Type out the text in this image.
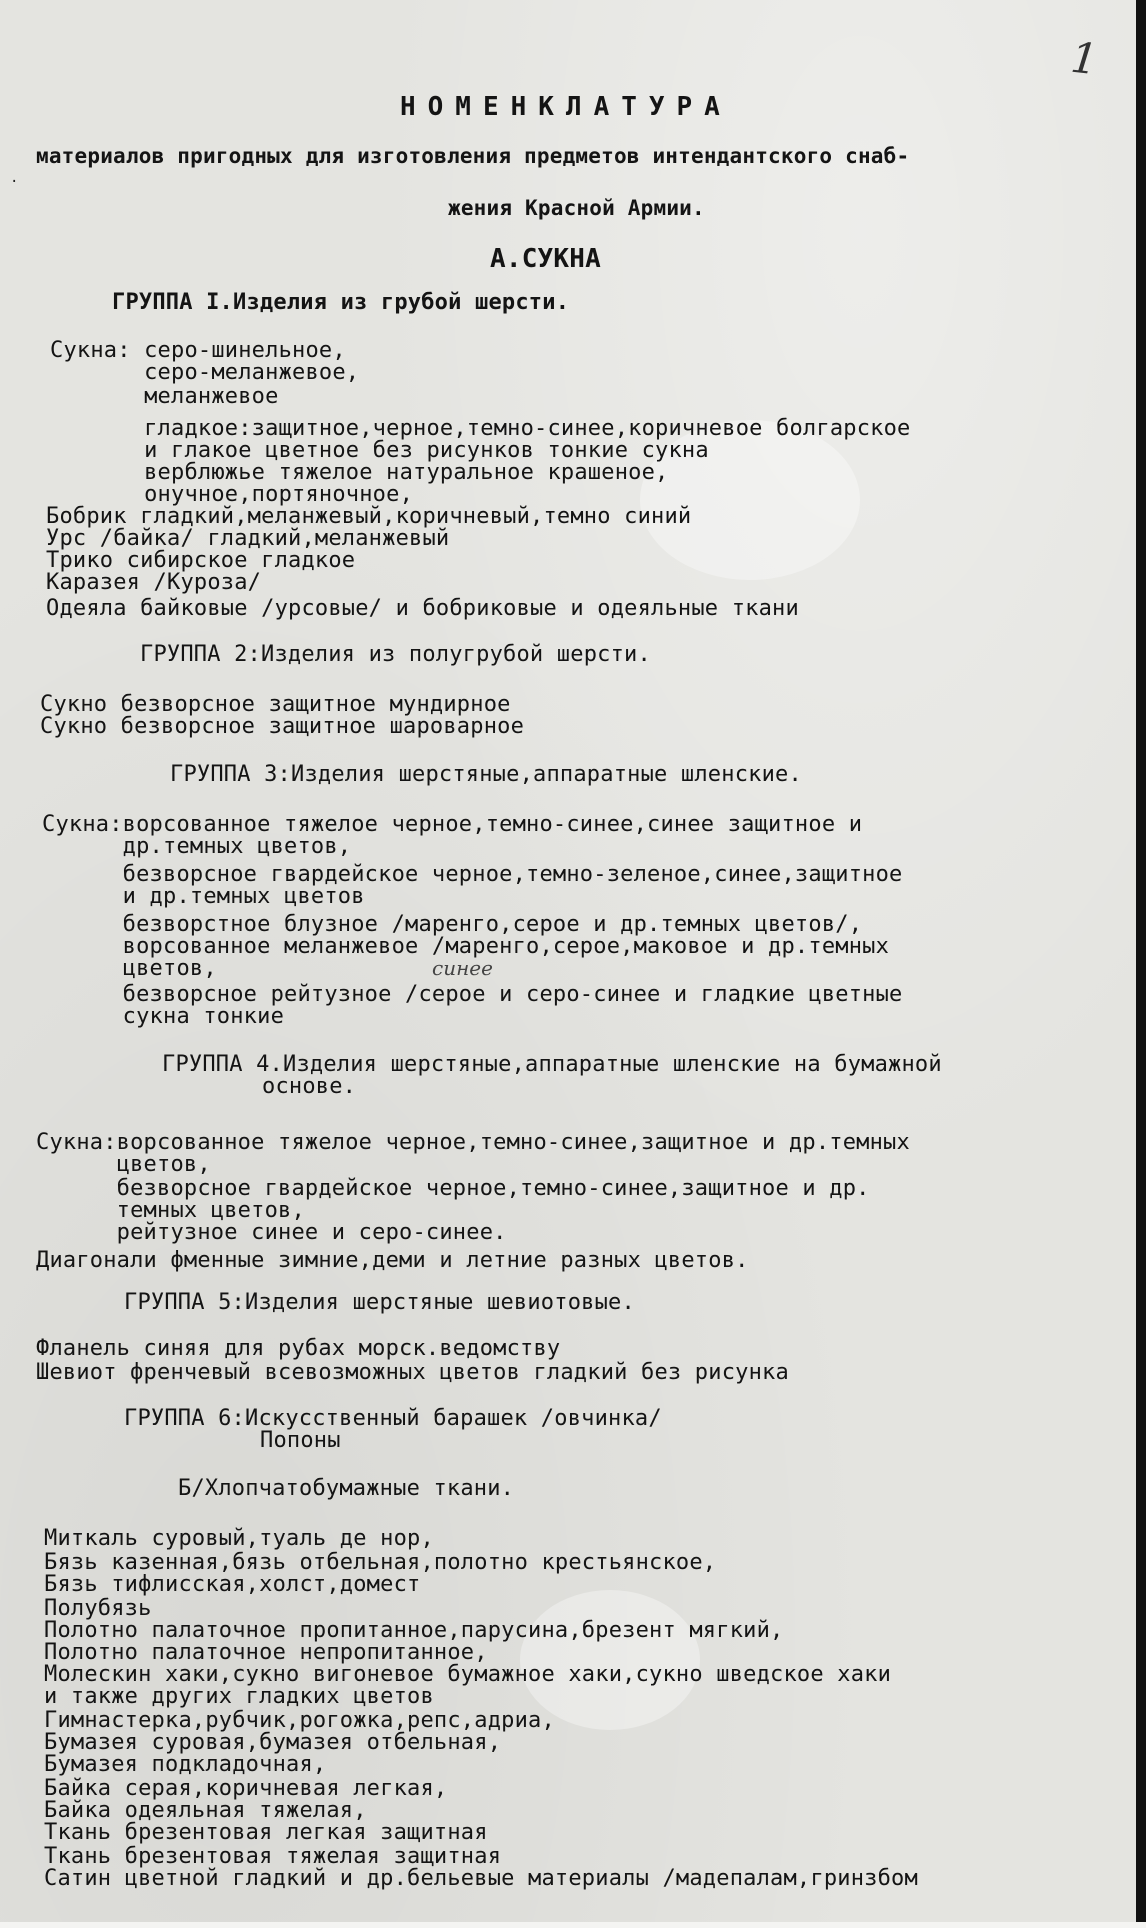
1
·
НОМЕНКЛАТУРА
материалов пригодных для изготовления предметов интендантского снаб-
жения Красной Армии.
А.СУКНА
ГРУППА I.Изделия из грубой шерсти.
Сукна: серо-шинельное,
серо-меланжевое,
меланжевое
гладкое:защитное,черное,темно-синее,коричневое болгарское
и глакое цветное без рисунков тонкие сукна
верблюжье тяжелое натуральное крашеное,
онучное,портяночное,
Бобрик гладкий,меланжевый,коричневый,темно синий
Урс /байка/ гладкий,меланжевый
Трико сибирское гладкое
Каразея /Куроза/
Одеяла байковые /урсовые/ и бобриковые и одеяльные ткани
ГРУППА 2:Изделия из полугрубой шерсти.
Сукно безворсное защитное мундирное
Сукно безворсное защитное шароварное
ГРУППА 3:Изделия шерстяные,аппаратные шленские.
Сукна:ворсованное тяжелое черное,темно-синее,синее защитное и
др.темных цветов,
безворсное гвардейское черное,темно-зеленое,синее,защитное
и др.темных цветов
безворстное блузное /маренго,серое и др.темных цветов/,
ворсованное меланжевое /маренго,серое,маковое и др.темных
цветов,	синее
безворсное рейтузное /серое и серо-синее и гладкие цветные
сукна тонкие
ГРУППА 4.Изделия шерстяные,аппаратные шленские на бумажной
основе.
Сукна:ворсованное тяжелое черное,темно-синее,защитное и др.темных
цветов,
безворсное гвардейское черное,темно-синее,защитное и др.
темных цветов,
рейтузное синее и серо-синее.
Диагонали фменные зимние,деми и летние разных цветов.
ГРУППА 5:Изделия шерстяные шевиотовые.
Фланель синяя для рубах морск.ведомству
Шевиот френчевый всевозможных цветов гладкий без рисунка
ГРУППА 6:Искусственный барашек /овчинка/
Попоны
Б/Хлопчатобумажные ткани.
Миткаль суровый,туаль де нор,
Бязь казенная,бязь отбельная,полотно крестьянское,
Бязь тифлисская,холст,домест
Полубязь
Полотно палаточное пропитанное,парусина,брезент мягкий,
Полотно палаточное непропитанное,
Молескин хаки,сукно вигоневое бумажное хаки,сукно шведское хаки
и также других гладких цветов
Гимнастерка,рубчик,рогожка,репс,адриа,
Бумазея суровая,бумазея отбельная,
Бумазея подкладочная,
Байка серая,коричневая легкая,
Байка одеяльная тяжелая,
Ткань брезентовая легкая защитная
Ткань брезентовая тяжелая защитная
Сатин цветной гладкий и др.бельевые материалы /мадепалам,гринзбом
